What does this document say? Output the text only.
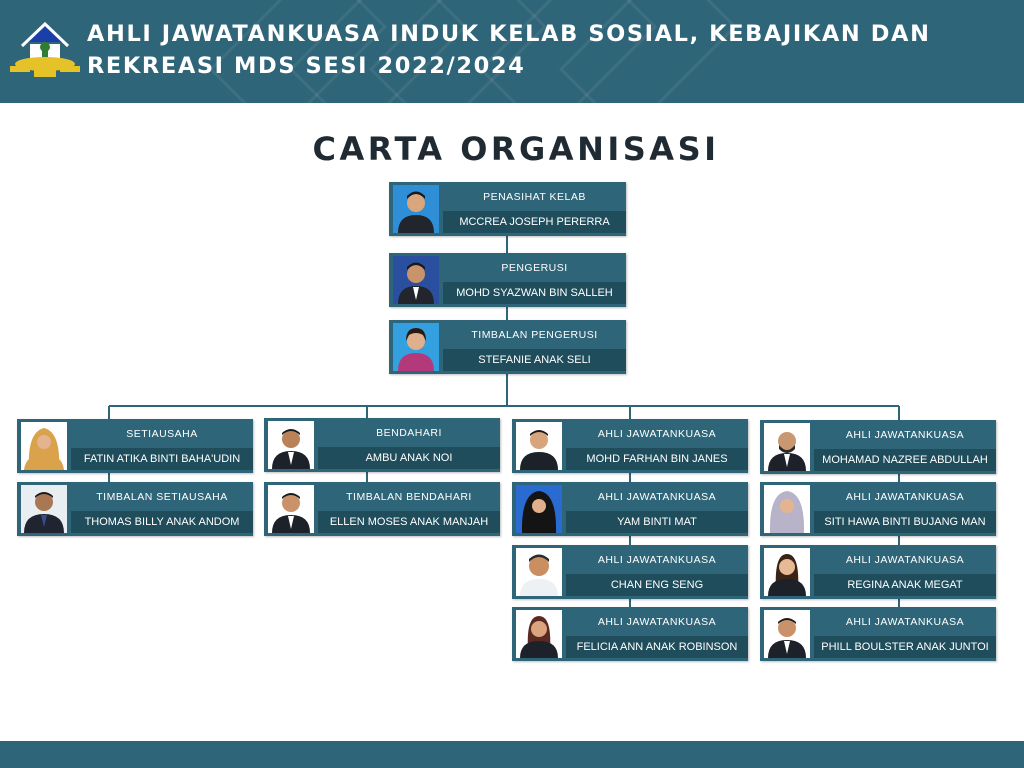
AHLI JAWATANKUASA INDUK KELAB SOSIAL, KEBAJIKAN DAN REKREASI MDS SESI 2022/2024
CARTA ORGANISASI
PENASIHAT KELAB
MCCREA JOSEPH PERERRA
PENGERUSI
MOHD SYAZWAN BIN SALLEH
TIMBALAN PENGERUSI
STEFANIE ANAK SELI
SETIAUSAHA
FATIN ATIKA BINTI BAHA'UDIN
TIMBALAN SETIAUSAHA
THOMAS BILLY ANAK ANDOM
BENDAHARI
AMBU ANAK NOI
TIMBALAN BENDAHARI
ELLEN MOSES ANAK MANJAH
AHLI JAWATANKUASA
MOHD FARHAN BIN JANES
AHLI JAWATANKUASA
YAM BINTI MAT
AHLI JAWATANKUASA
CHAN ENG SENG
AHLI JAWATANKUASA
FELICIA ANN ANAK ROBINSON
AHLI JAWATANKUASA
MOHAMAD NAZREE ABDULLAH
AHLI JAWATANKUASA
SITI HAWA BINTI BUJANG MAN
AHLI JAWATANKUASA
REGINA ANAK MEGAT
AHLI JAWATANKUASA
PHILL BOULSTER ANAK JUNTOI
